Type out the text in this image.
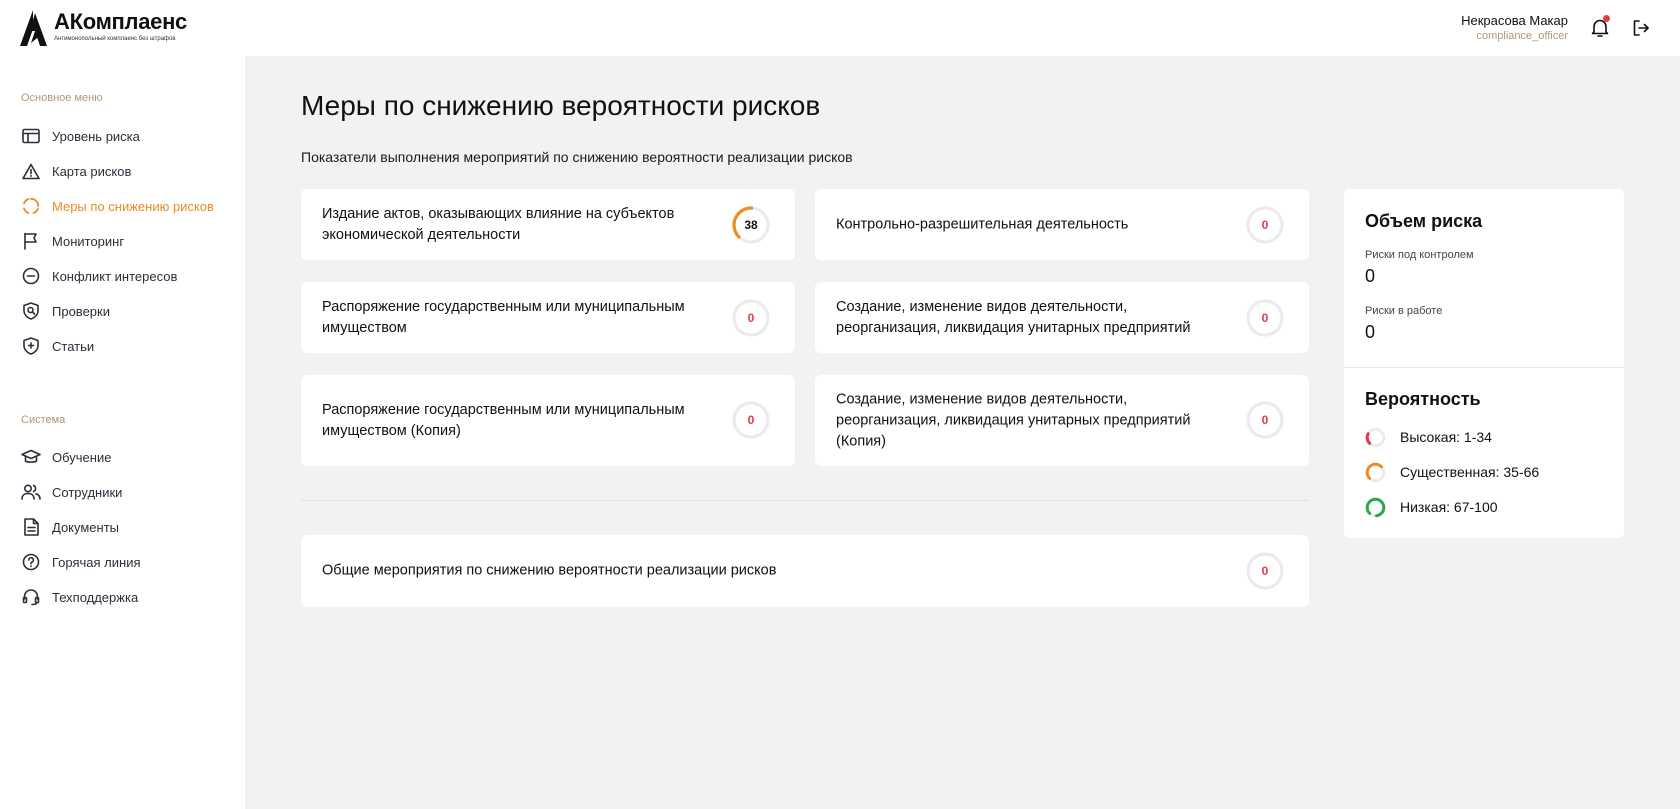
АКомплаенс
Антимонопольный комплаенс без штрафов
Некрасова Макар
compliance_officer
Основное меню
Уровень риска
Карта рисков
Меры по снижению рисков
Мониторинг
Конфликт интересов
Проверки
Статьи
Система
Обучение
Сотрудники
Документы
Горячая линия
Техподдержка
Меры по снижению вероятности рисков
Показатели выполнения мероприятий по снижению вероятности реализации рисков
Издание актов, оказывающих влияние на субъектов экономической деятельности
38	Контрольно-разрешительная деятельность	0
Распоряжение государственным или муниципальным имуществом
0
Создание, изменение видов деятельности, реорганизация, ликвидация унитарных предприятий
0
Распоряжение государственным или муниципальным имуществом (Копия)
0
Создание, изменение видов деятельности, реорганизация, ликвидация унитарных предприятий (Копия)
0
Общие мероприятия по снижению вероятности реализации рисков	0
Объем риска
Риски под контролем
0
Риски в работе
0
Вероятность
Высокая: 1-34
Существенная: 35-66
Низкая: 67-100
